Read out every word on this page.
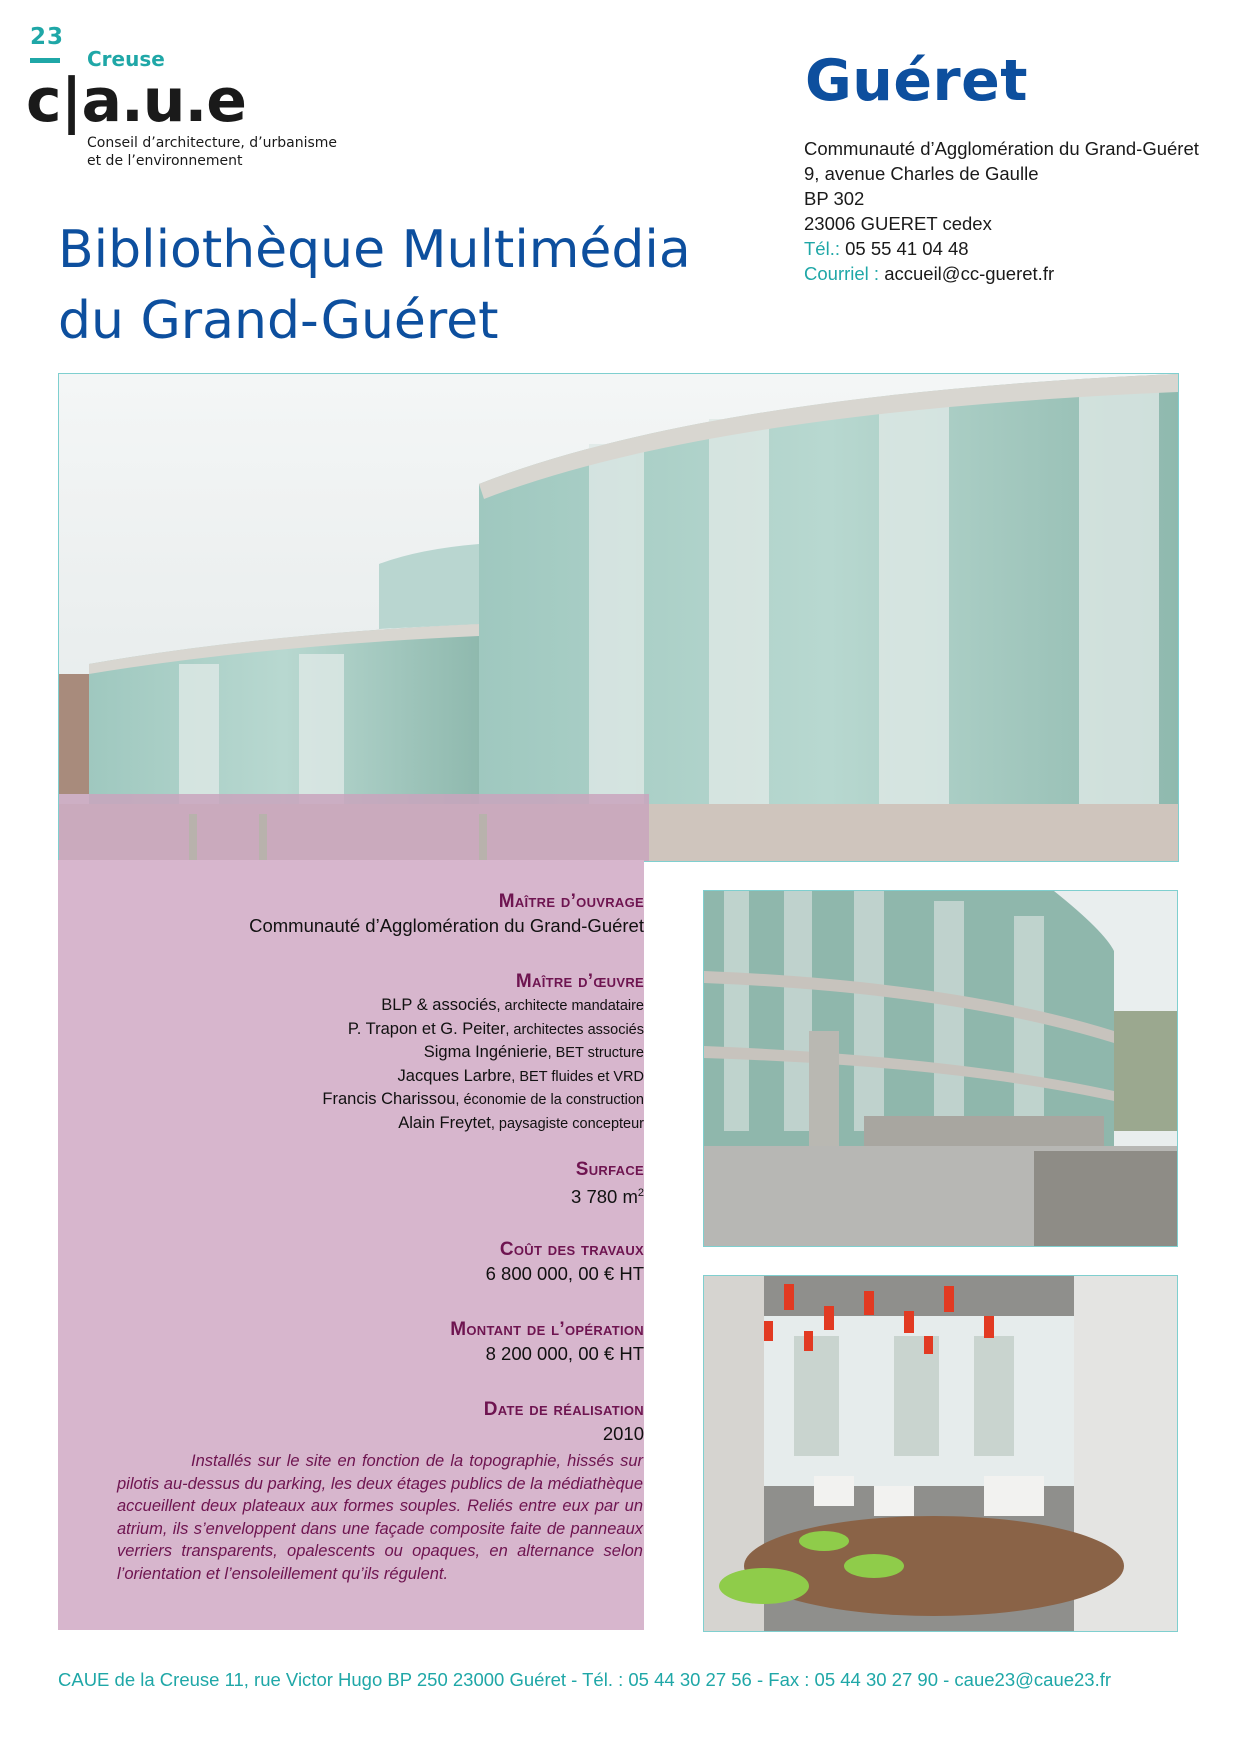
23
Creuse
c|a.u.e
Conseil d’architecture, d’urbanisme
et de l’environnement
Guéret
Bibliothèque Multimédia
du Grand-Guéret
Communauté d’Agglomération du Grand-Guéret
9, avenue Charles de Gaulle
BP 302
23006 GUERET cedex
Tél.: 05 55 41 04 48
Courriel : accueil@cc-gueret.fr
Maître d’ouvrage
Communauté d’Agglomération du Grand-Guéret
Maître d’œuvre
BLP & associés, architecte mandataire
P. Trapon et G. Peiter, architectes associés
Sigma Ingénierie, BET structure
Jacques Larbre, BET fluides et VRD
Francis Charissou, économie de la construction
Alain Freytet, paysagiste concepteur
Surface
3 780 $m^2$
Coût des travaux
6 800 000, 00 € HT
Montant de l’opération
8 200 000, 00 € HT
Date de réalisation
2010
Installés sur le site en fonction de la topographie, hissés sur pilotis au-dessus du parking, les deux étages publics de la médiathèque accueillent deux plateaux aux formes souples. Reliés entre eux par un atrium, ils s’enveloppent dans une façade composite faite de panneaux verriers transparents, opalescents ou opaques, en alternance selon l’orientation et l’ensoleillement qu’ils régulent.
CAUE de la Creuse 11, rue Victor Hugo BP 250 23000 Guéret - Tél. : 05 44 30 27 56 - Fax : 05 44 30 27 90 - caue23@caue23.fr
